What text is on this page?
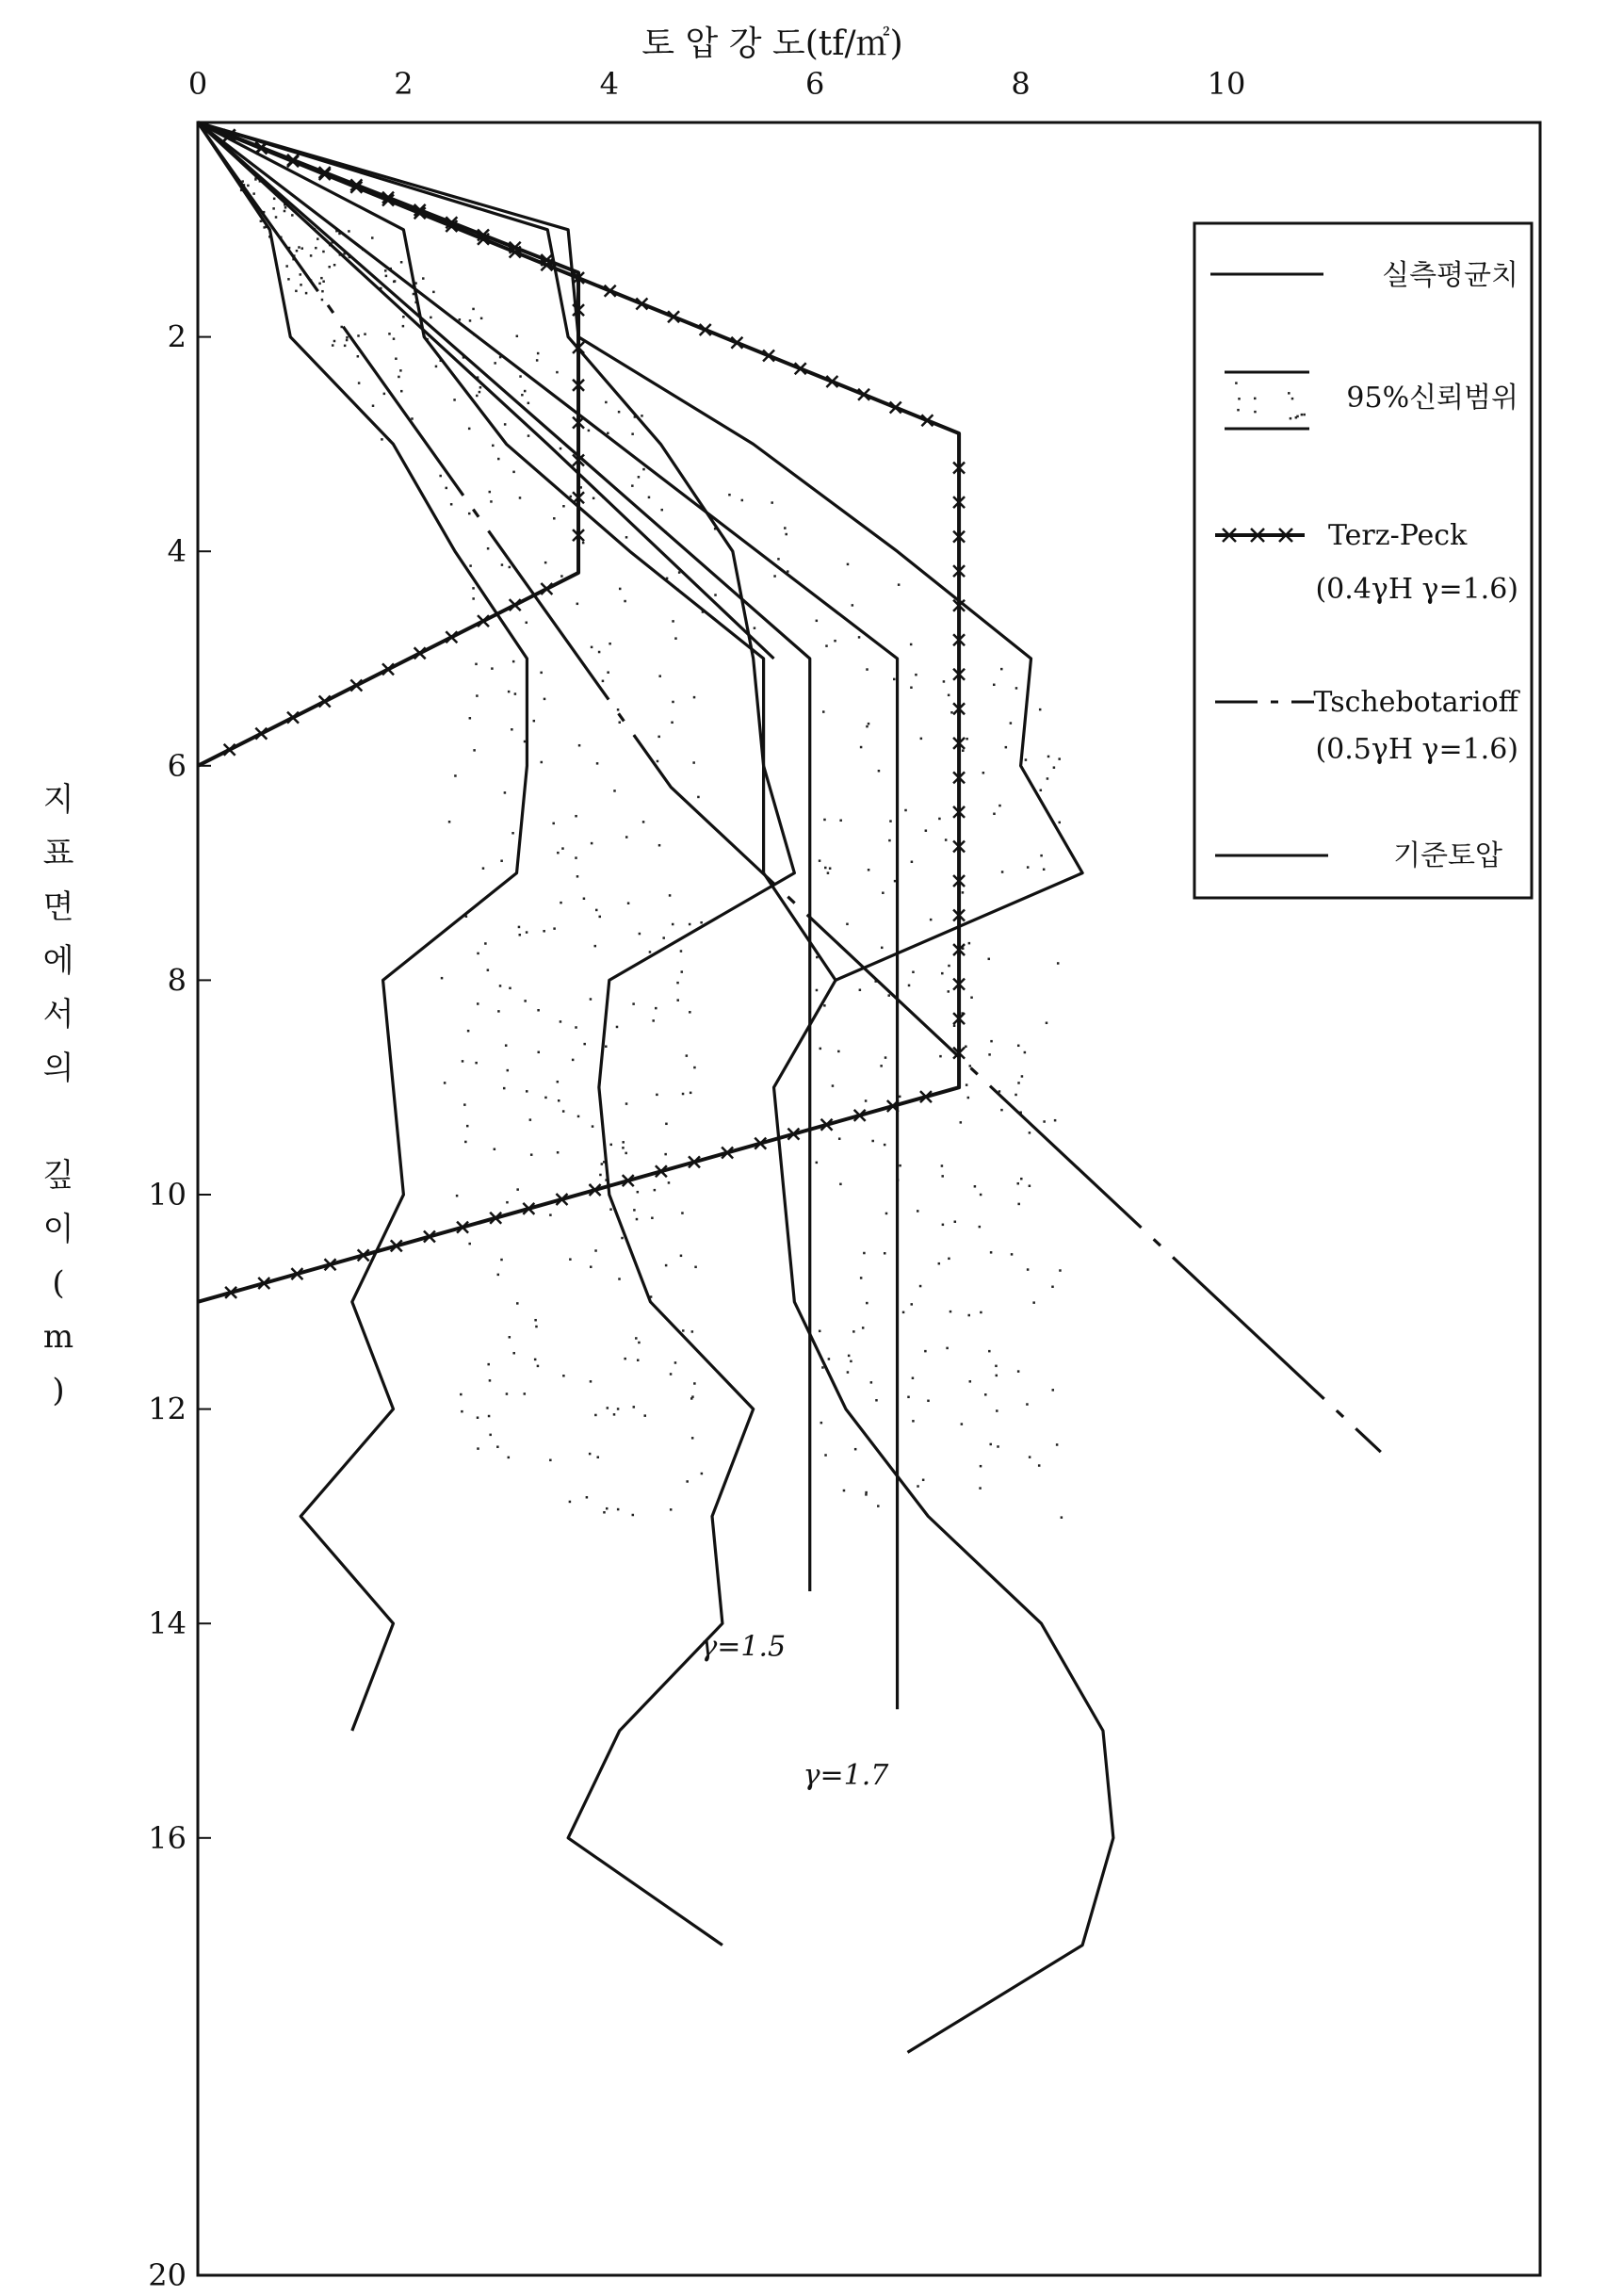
토 압 강 도(tf/㎡)
지
표
면
에
서
의
깊
이
(
m
)
0	2	4	6	8	10
2
4
6
8
10
12
14
16
20
γ=1.5
γ=1.7
실측평균치
95%신뢰범위
Terz-Peck
(0.4γH γ=1.6)
Tschebotarioff
(0.5γH γ=1.6)
기준토압
